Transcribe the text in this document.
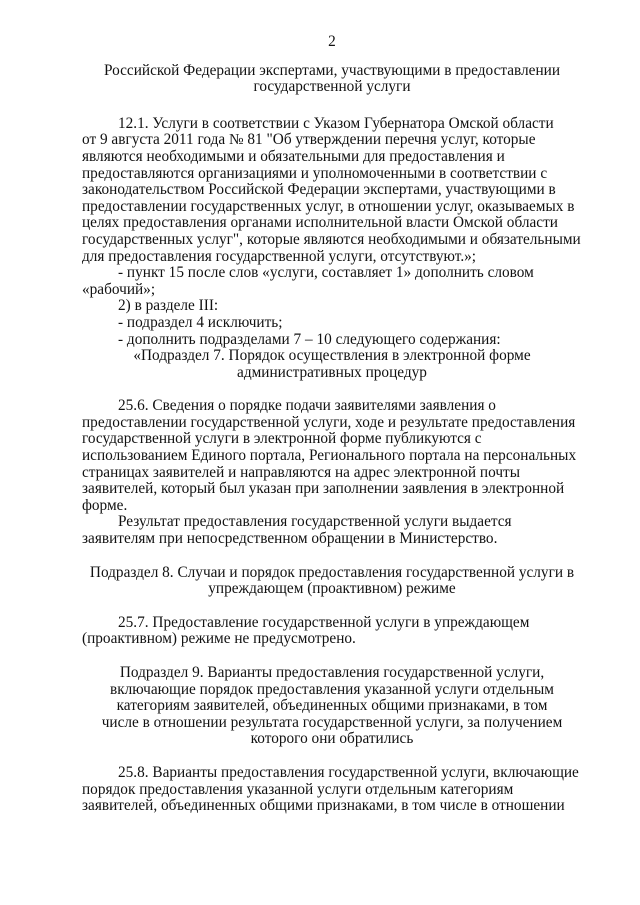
2
Российской Федерации экспертами, участвующими в предоставлении
государственной услуги
12.1. Услуги в соответствии с Указом Губернатора Омской области
от 9 августа 2011 года № 81 "Об утверждении перечня услуг, которые
являются необходимыми и обязательными для предоставления и
предоставляются организациями и уполномоченными в соответствии с
законодательством Российской Федерации экспертами, участвующими в
предоставлении государственных услуг, в отношении услуг, оказываемых в
целях предоставления органами исполнительной власти Омской области
государственных услуг", которые являются необходимыми и обязательными
для предоставления государственной услуги, отсутствуют.»;
- пункт 15 после слов «услуги, составляет 1» дополнить словом
«рабочий»;
2) в разделе III:
- подраздел 4 исключить;
- дополнить подразделами 7 – 10 следующего содержания:
«Подраздел 7. Порядок осуществления в электронной форме
административных процедур
25.6. Сведения о порядке подачи заявителями заявления о
предоставлении государственной услуги, ходе и результате предоставления
государственной услуги в электронной форме публикуются с
использованием Единого портала, Регионального портала на персональных
страницах заявителей и направляются на адрес электронной почты
заявителей, который был указан при заполнении заявления в электронной
форме.
Результат предоставления государственной услуги выдается
заявителям при непосредственном обращении в Министерство.
Подраздел 8. Случаи и порядок предоставления государственной услуги в
упреждающем (проактивном) режиме
25.7. Предоставление государственной услуги в упреждающем
(проактивном) режиме не предусмотрено.
Подраздел 9. Варианты предоставления государственной услуги,
включающие порядок предоставления указанной услуги отдельным
категориям заявителей, объединенных общими признаками, в том
числе в отношении результата государственной услуги, за получением
которого они обратились
25.8. Варианты предоставления государственной услуги, включающие
порядок предоставления указанной услуги отдельным категориям
заявителей, объединенных общими признаками, в том числе в отношении
